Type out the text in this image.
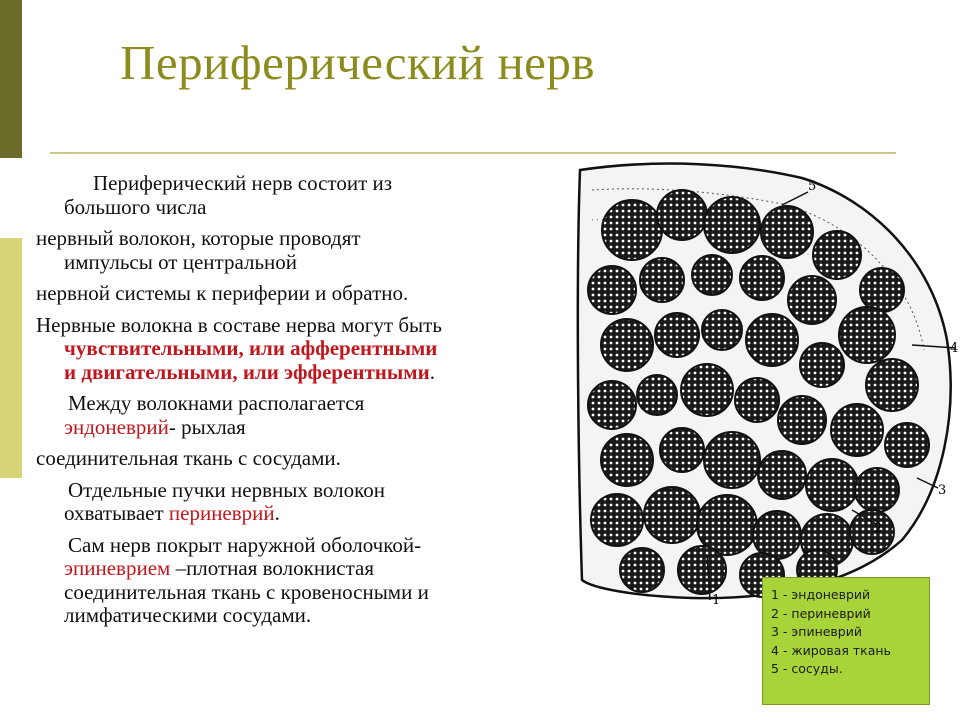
Периферический нерв
Периферический нерв состоит из
большого числа
нервный волокон, которые проводят
импульсы от центральной
нервной системы к периферии и обратно.
Нервные волокна в составе нерва могут быть
чувствительными, или афферентными
и двигательными, или эфферентными.
Между волокнами располагается
эндоневрий- рыхлая
соединительная ткань с сосудами.
Отдельные пучки нервных волокон
охватывает периневрий.
Сам нерв покрыт наружной оболочкой-
эпиневрием –плотная волокнистая
соединительная ткань с кровеносными и
лимфатическими сосудами.
1
2
3
4
5
1 - эндоневрий
2 - периневрий
3 - эпиневрий
4 - жировая ткань
5 - сосуды.
